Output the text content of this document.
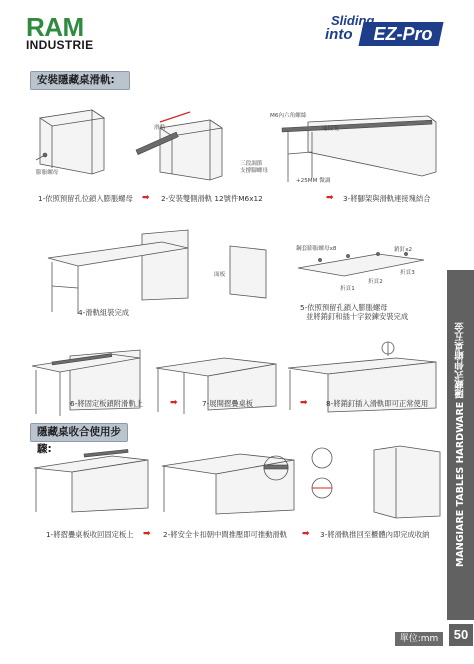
RAM
INDUSTRIE
Sliding
into	EZ-Pro
安裝隱藏桌滑軌:
膨脹螺母
滑軌
M6內六角螺絲
連接塊
三段調節
支撐腳螺母
+25MM 微調
1-依照預留孔位鎖入膨脹螺母 ➡ 2-安裝雙側滑軌 12號件M6x12	➡ 3-將腳架與滑軌連接塊結合
鋼套膨脹螺母x8	銷釘x2
面板	折頁3
折頁2
折頁1
4-滑軌組裝完成
5-依照預留孔鎖入膨脹螺母
並將銷釘和插十字鉸鍊安裝完成
6-將固定板鎖附滑軌上	➡	7-展開摺疊桌板	➡	8-將銷釘插入滑軌即可正常使用
隱藏桌收合使用步驟:
1-將摺疊桌板收回固定板上 ➡ 2-將安全卡扣朝中間推壓即可推動滑軌 ➡ 3-將滑軌推回至櫃體內即完成收納	MANGIARE TABLES HARDWARE 隱藏式伸縮桌五金
單位:mm	50
